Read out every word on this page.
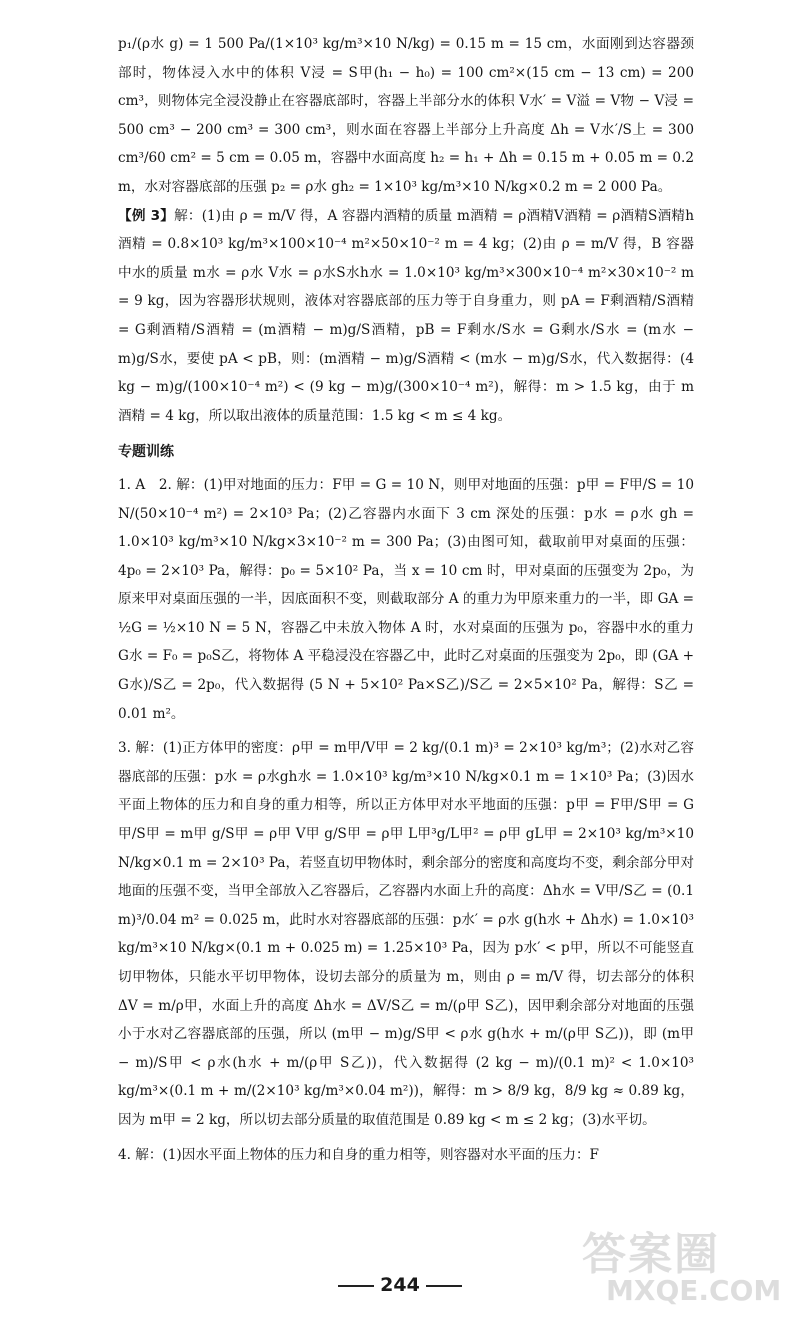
p₁/(ρ水 g) = 1 500 Pa/(1×10³ kg/m³×10 N/kg) = 0.15 m = 15 cm，水面刚到达容器颈部时，物体浸入水中的体积 V浸 = S甲(h₁ − h₀) = 100 cm²×(15 cm − 13 cm) = 200 cm³，则物体完全浸没静止在容器底部时，容器上半部分水的体积 V水′ = V溢 = V物 − V浸 = 500 cm³ − 200 cm³ = 300 cm³，则水面在容器上半部分上升高度 Δh = V水′/S上 = 300 cm³/60 cm² = 5 cm = 0.05 m，容器中水面高度 h₂ = h₁ + Δh = 0.15 m + 0.05 m = 0.2 m，水对容器底部的压强 p₂ = ρ水 gh₂ = 1×10³ kg/m³×10 N/kg×0.2 m = 2 000 Pa。

【例 3】解：(1)由 ρ = m/V 得，A 容器内酒精的质量 m酒精 = ρ酒精V酒精 = ρ酒精S酒精h酒精 = 0.8×10³ kg/m³×100×10⁻⁴ m²×50×10⁻² m = 4 kg；(2)由 ρ = m/V 得，B 容器中水的质量 m水 = ρ水 V水 = ρ水S水h水 = 1.0×10³ kg/m³×300×10⁻⁴ m²×30×10⁻² m = 9 kg，因为容器形状规则，液体对容器底部的压力等于自身重力，则 pA = F剩酒精/S酒精 = G剩酒精/S酒精 = (m酒精 − m)g/S酒精，pB = F剩水/S水 = G剩水/S水 = (m水 − m)g/S水，要使 pA < pB，则：(m酒精 − m)g/S酒精 < (m水 − m)g/S水，代入数据得：(4 kg − m)g/(100×10⁻⁴ m²) < (9 kg − m)g/(300×10⁻⁴ m²)，解得：m > 1.5 kg，由于 m酒精 = 4 kg，所以取出液体的质量范围：1.5 kg < m ≤ 4 kg。

专题训练

1. A　2. 解：(1)甲对地面的压力：F甲 = G = 10 N，则甲对地面的压强：p甲 = F甲/S = 10 N/(50×10⁻⁴ m²) = 2×10³ Pa；(2)乙容器内水面下 3 cm 深处的压强：p水 = ρ水 gh = 1.0×10³ kg/m³×10 N/kg×3×10⁻² m = 300 Pa；(3)由图可知，截取前甲对桌面的压强：4p₀ = 2×10³ Pa，解得：p₀ = 5×10² Pa，当 x = 10 cm 时，甲对桌面的压强变为 2p₀，为原来甲对桌面压强的一半，因底面积不变，则截取部分 A 的重力为甲原来重力的一半，即 GA = ½G = ½×10 N = 5 N，容器乙中未放入物体 A 时，水对桌面的压强为 p₀，容器中水的重力 G水 = F₀ = p₀S乙，将物体 A 平稳浸没在容器乙中，此时乙对桌面的压强变为 2p₀，即 (GA + G水)/S乙 = 2p₀，代入数据得 (5 N + 5×10² Pa×S乙)/S乙 = 2×5×10² Pa，解得：S乙 = 0.01 m²。

3. 解：(1)正方体甲的密度：ρ甲 = m甲/V甲 = 2 kg/(0.1 m)³ = 2×10³ kg/m³；(2)水对乙容器底部的压强：p水 = ρ水gh水 = 1.0×10³ kg/m³×10 N/kg×0.1 m = 1×10³ Pa；(3)因水平面上物体的压力和自身的重力相等，所以正方体甲对水平地面的压强：p甲 = F甲/S甲 = G甲/S甲 = m甲 g/S甲 = ρ甲 V甲 g/S甲 = ρ甲 L甲³g/L甲² = ρ甲 gL甲 = 2×10³ kg/m³×10 N/kg×0.1 m = 2×10³ Pa，若竖直切甲物体时，剩余部分的密度和高度均不变，剩余部分甲对地面的压强不变，当甲全部放入乙容器后，乙容器内水面上升的高度：Δh水 = V甲/S乙 = (0.1 m)³/0.04 m² = 0.025 m，此时水对容器底部的压强：p水′ = ρ水 g(h水 + Δh水) = 1.0×10³ kg/m³×10 N/kg×(0.1 m + 0.025 m) = 1.25×10³ Pa，因为 p水′ < p甲，所以不可能竖直切甲物体，只能水平切甲物体，设切去部分的质量为 m，则由 ρ = m/V 得，切去部分的体积 ΔV = m/ρ甲，水面上升的高度 Δh水 = ΔV/S乙 = m/(ρ甲 S乙)，因甲剩余部分对地面的压强小于水对乙容器底部的压强，所以 (m甲 − m)g/S甲 < ρ水 g(h水 + m/(ρ甲 S乙))，即 (m甲 − m)/S甲 < ρ水(h水 + m/(ρ甲 S乙))，代入数据得 (2 kg − m)/(0.1 m)² < 1.0×10³ kg/m³×(0.1 m + m/(2×10³ kg/m³×0.04 m²))，解得：m > 8/9 kg，8/9 kg ≈ 0.89 kg，因为 m甲 = 2 kg，所以切去部分质量的取值范围是 0.89 kg < m ≤ 2 kg；(3)水平切。

4. 解：(1)因水平面上物体的压力和自身的重力相等，则容器对水平面的压力：F

244
答案圈
MXQE.COM
